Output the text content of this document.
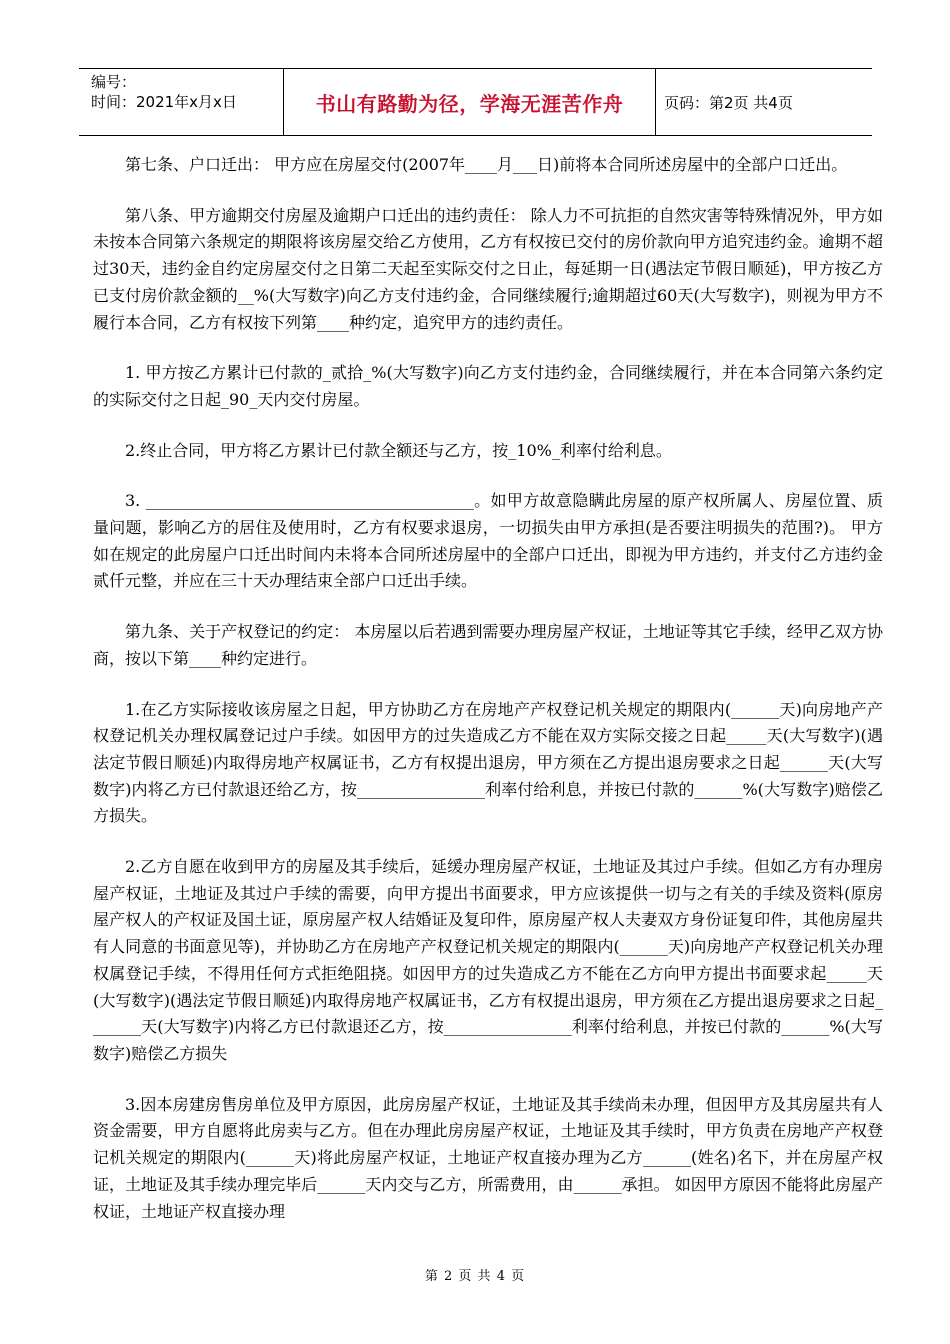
编号：
时间：2021年x月x日	书山有路勤为径，学海无涯苦作舟	页码：第2页 共4页

第七条、户口迁出： 甲方应在房屋交付(2007年____月___日)前将本合同所述房屋中的全部户口迁出。

第八条、甲方逾期交付房屋及逾期户口迁出的违约责任： 除人力不可抗拒的自然灾害等特殊情况外，甲方如未按本合同第六条规定的期限将该房屋交给乙方使用，乙方有权按已交付的房价款向甲方追究违约金。逾期不超过30天，违约金自约定房屋交付之日第二天起至实际交付之日止，每延期一日(遇法定节假日顺延)，甲方按乙方已支付房价款金额的__%(大写数字)向乙方支付违约金，合同继续履行;逾期超过60天(大写数字)，则视为甲方不履行本合同，乙方有权按下列第____种约定，追究甲方的违约责任。

1. 甲方按乙方累计已付款的_贰拾_%(大写数字)向乙方支付违约金，合同继续履行，并在本合同第六条约定的实际交付之日起_90_天内交付房屋。

2.终止合同，甲方将乙方累计已付款全额还与乙方，按_10%_利率付给利息。

3. _________________________________________。如甲方故意隐瞒此房屋的原产权所属人、房屋位置、质量问题，影响乙方的居住及使用时，乙方有权要求退房，一切损失由甲方承担(是否要注明损失的范围?)。 甲方如在规定的此房屋户口迁出时间内未将本合同所述房屋中的全部户口迁出，即视为甲方违约，并支付乙方违约金贰仟元整，并应在三十天办理结束全部户口迁出手续。

第九条、关于产权登记的约定： 本房屋以后若遇到需要办理房屋产权证，土地证等其它手续，经甲乙双方协商，按以下第____种约定进行。

1.在乙方实际接收该房屋之日起，甲方协助乙方在房地产产权登记机关规定的期限内(______天)向房地产产权登记机关办理权属登记过户手续。如因甲方的过失造成乙方不能在双方实际交接之日起_____天(大写数字)(遇法定节假日顺延)内取得房地产权属证书，乙方有权提出退房，甲方须在乙方提出退房要求之日起______天(大写数字)内将乙方已付款退还给乙方，按________________利率付给利息，并按已付款的______%(大写数字)赔偿乙方损失。

2.乙方自愿在收到甲方的房屋及其手续后，延缓办理房屋产权证，土地证及其过户手续。但如乙方有办理房屋产权证，土地证及其过户手续的需要，向甲方提出书面要求，甲方应该提供一切与之有关的手续及资料(原房屋产权人的产权证及国土证，原房屋产权人结婚证及复印件，原房屋产权人夫妻双方身份证复印件，其他房屋共有人同意的书面意见等)，并协助乙方在房地产产权登记机关规定的期限内(______天)向房地产产权登记机关办理权属登记手续，不得用任何方式拒绝阻挠。如因甲方的过失造成乙方不能在乙方向甲方提出书面要求起_____天(大写数字)(遇法定节假日顺延)内取得房地产权属证书，乙方有权提出退房，甲方须在乙方提出退房要求之日起_______天(大写数字)内将乙方已付款退还乙方，按________________利率付给利息，并按已付款的______%(大写数字)赔偿乙方损失

3.因本房建房售房单位及甲方原因，此房房屋产权证，土地证及其手续尚未办理，但因甲方及其房屋共有人资金需要，甲方自愿将此房卖与乙方。但在办理此房房屋产权证，土地证及其手续时，甲方负责在房地产产权登记机关规定的期限内(______天)将此房屋产权证，土地证产权直接办理为乙方______(姓名)名下，并在房屋产权证，土地证及其手续办理完毕后______天内交与乙方，所需费用，由______承担。 如因甲方原因不能将此房屋产权证，土地证产权直接办理

第 2 页 共 4 页
